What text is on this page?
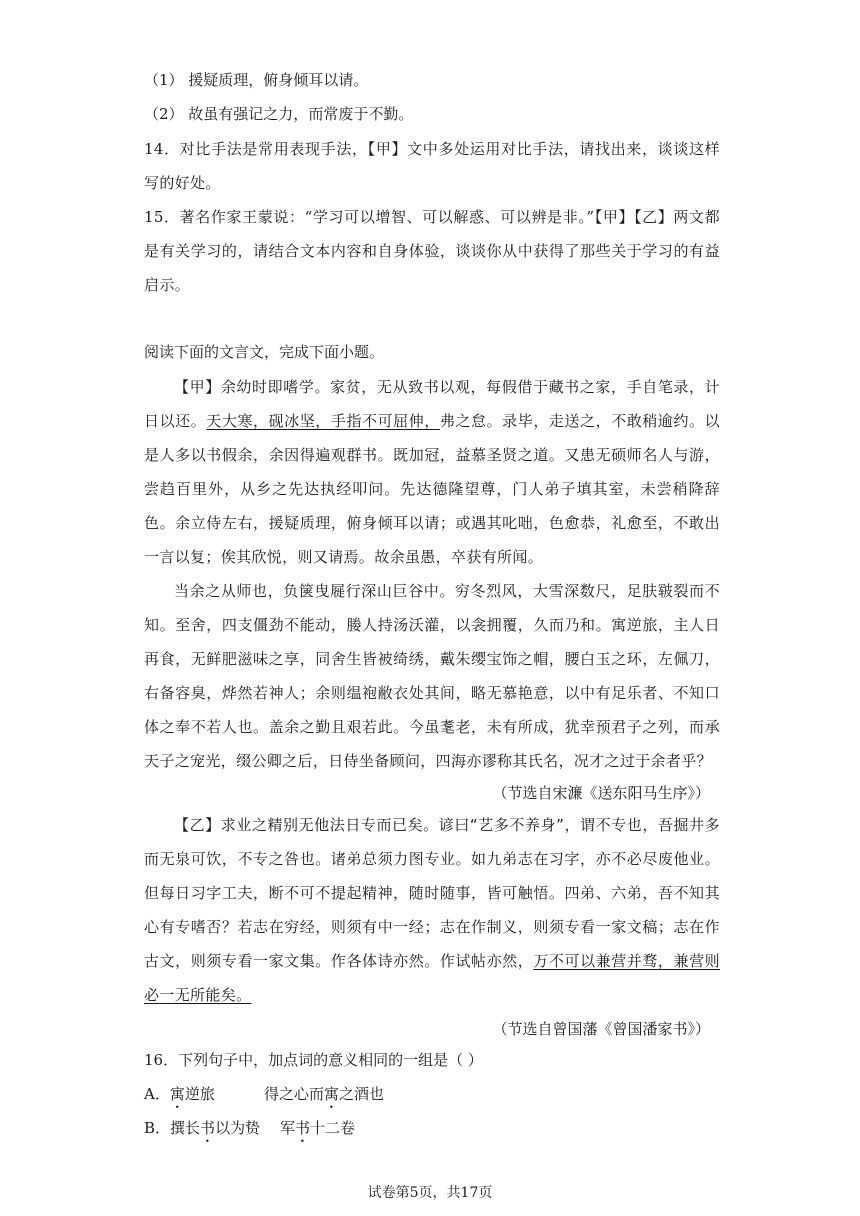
（1） 援疑质理，俯身倾耳以请。
（2） 故虽有强记之力，而常废于不勤。
14．对比手法是常用表现手法，【甲】文中多处运用对比手法，请找出来，谈谈这样写的好处。
15．著名作家王蒙说：“学习可以增智、可以解惑、可以辨是非。”【甲】【乙】两文都是有关学习的，请结合文本内容和自身体验，谈谈你从中获得了那些关于学习的有益启示。
阅读下面的文言文，完成下面小题。
【甲】余幼时即嗜学。家贫，无从致书以观，每假借于藏书之家，手自笔录，计日以还。天大寒，砚冰坚，手指不可屈伸，弗之怠。录毕，走送之，不敢稍逾约。以是人多以书假余，余因得遍观群书。既加冠，益慕圣贤之道。又患无硕师名人与游，尝趋百里外，从乡之先达执经叩问。先达德隆望尊，门人弟子填其室，未尝稍降辞色。余立侍左右，援疑质理，俯身倾耳以请；或遇其叱咄，色愈恭，礼愈至，不敢出一言以复；俟其欣悦，则又请焉。故余虽愚，卒获有所闻。
当余之从师也，负箧曳屣行深山巨谷中。穷冬烈风，大雪深数尺，足肤皲裂而不知。至舍，四支僵劲不能动，媵人持汤沃灌，以衾拥覆，久而乃和。寓逆旅，主人日再食，无鲜肥滋味之享，同舍生皆被绮绣，戴朱缨宝饰之帽，腰白玉之环，左佩刀，右备容臭，烨然若神人；余则缊袍敝衣处其间，略无慕艳意，以中有足乐者、不知口体之奉不若人也。盖余之勤且艰若此。今虽耄老，未有所成，犹幸预君子之列，而承天子之宠光，缀公卿之后，日侍坐备顾问，四海亦谬称其氏名，况才之过于余者乎？
（节选自宋濂《送东阳马生序》）
【乙】求业之精别无他法日专而已矣。谚曰“艺多不养身”，谓不专也，吾掘井多而无泉可饮，不专之咎也。诸弟总须力图专业。如九弟志在习字，亦不必尽废他业。但每日习字工夫，断不可不提起精神，随时随事，皆可触悟。四弟、六弟，吾不知其心有专嗜否？若志在穷经，则须有中一经；志在作制义，则须专看一家文稿；志在作古文，则须专看一家文集。作各体诗亦然。作试帖亦然，万不可以兼营并骛，兼营则必一无所能矣。
（节选自曾国藩《曾国潘家书》）
16．下列句子中，加点词的意义相同的一组是（ ）
A．寓逆旅	得之心而寓之酒也
B．撰长书以为贽 军书十二卷
试卷第5页，共17页
